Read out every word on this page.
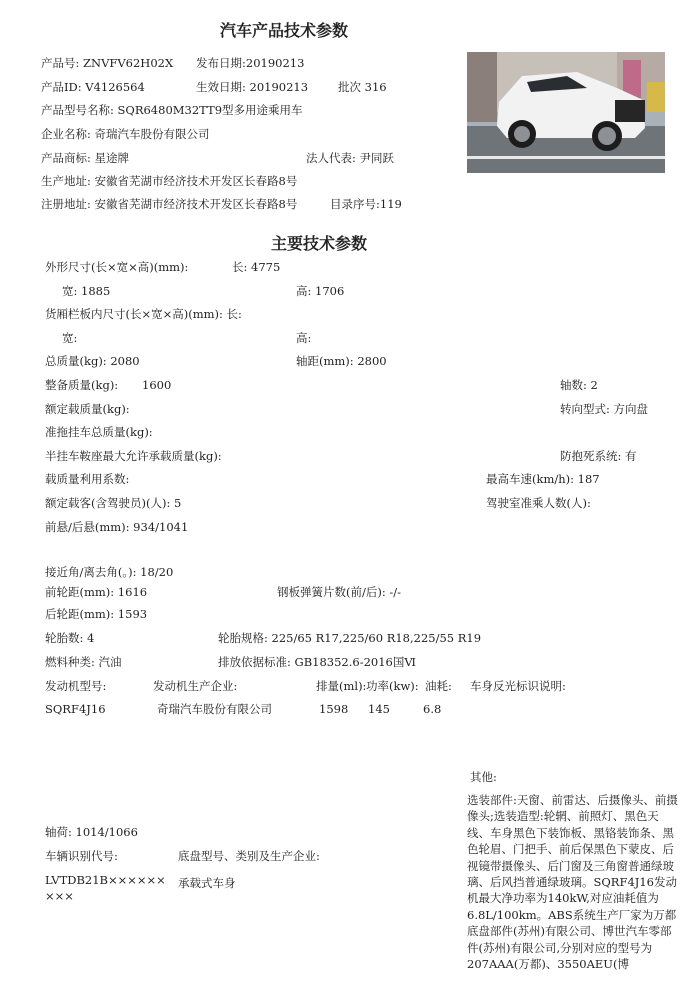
汽车产品技术参数
产品号: ZNVFV62H02X 发布日期:20190213
产品ID: V4126564	生效日期: 20190213	批次 316
产品型号名称: SQR6480M32TT9型多用途乘用车
企业名称: 奇瑞汽车股份有限公司
产品商标: 星途牌	法人代表: 尹同跃
生产地址: 安徽省芜湖市经济技术开发区长春路8号
注册地址: 安徽省芜湖市经济技术开发区长春路8号	目录序号:119
主要技术参数
外形尺寸(长×宽×高)(mm):	长: 4775
宽: 1885	高: 1706
货厢栏板内尺寸(长×宽×高)(mm): 长:
宽:	高:
总质量(kg): 2080	轴距(mm): 2800
整备质量(kg): 1600	轴数: 2
额定载质量(kg):	转向型式: 方向盘
准拖挂车总质量(kg):
半挂车鞍座最大允许承载质量(kg):	防抱死系统: 有
载质量利用系数:	最高车速(km/h): 187
额定载客(含驾驶员)(人): 5	驾驶室准乘人数(人):
前悬/后悬(mm): 934/1041
接近角/离去角(。): 18/20
前轮距(mm): 1616	钢板弹簧片数(前/后): -/-
后轮距(mm): 1593
轮胎数: 4	轮胎规格: 225/65 R17,225/60 R18,225/55 R19
燃料种类: 汽油	排放依据标准: GB18352.6-2016国Ⅵ
发动机型号:	发动机生产企业:	排量(ml): 功率(kw): 油耗: 车身反光标识说明:
SQRF4J16	奇瑞汽车股份有限公司	1598 145	6.8
其他:
选装部件:天窗、前雷达、后摄像头、前摄像头;选装造型:轮辋、前照灯、黑色天线、车身黑色下装饰板、黑铬装饰条、黑色轮眉、门把手、前后保黑色下蒙皮、后视镜带摄像头、后门窗及三角窗普通绿玻璃、后风挡普通绿玻璃。SQRF4J16发动机最大净功率为140kW,对应油耗值为6.8L/100km。ABS系统生产厂家为万都底盘部件(苏州)有限公司、博世汽车零部件(苏州)有限公司,分别对应的型号为207AAA(万都)、3550AEU(博
轴荷: 1014/1066
车辆识别代号:	底盘型号、类别及生产企业:
LVTDB21B××××××
×××
承载式车身
